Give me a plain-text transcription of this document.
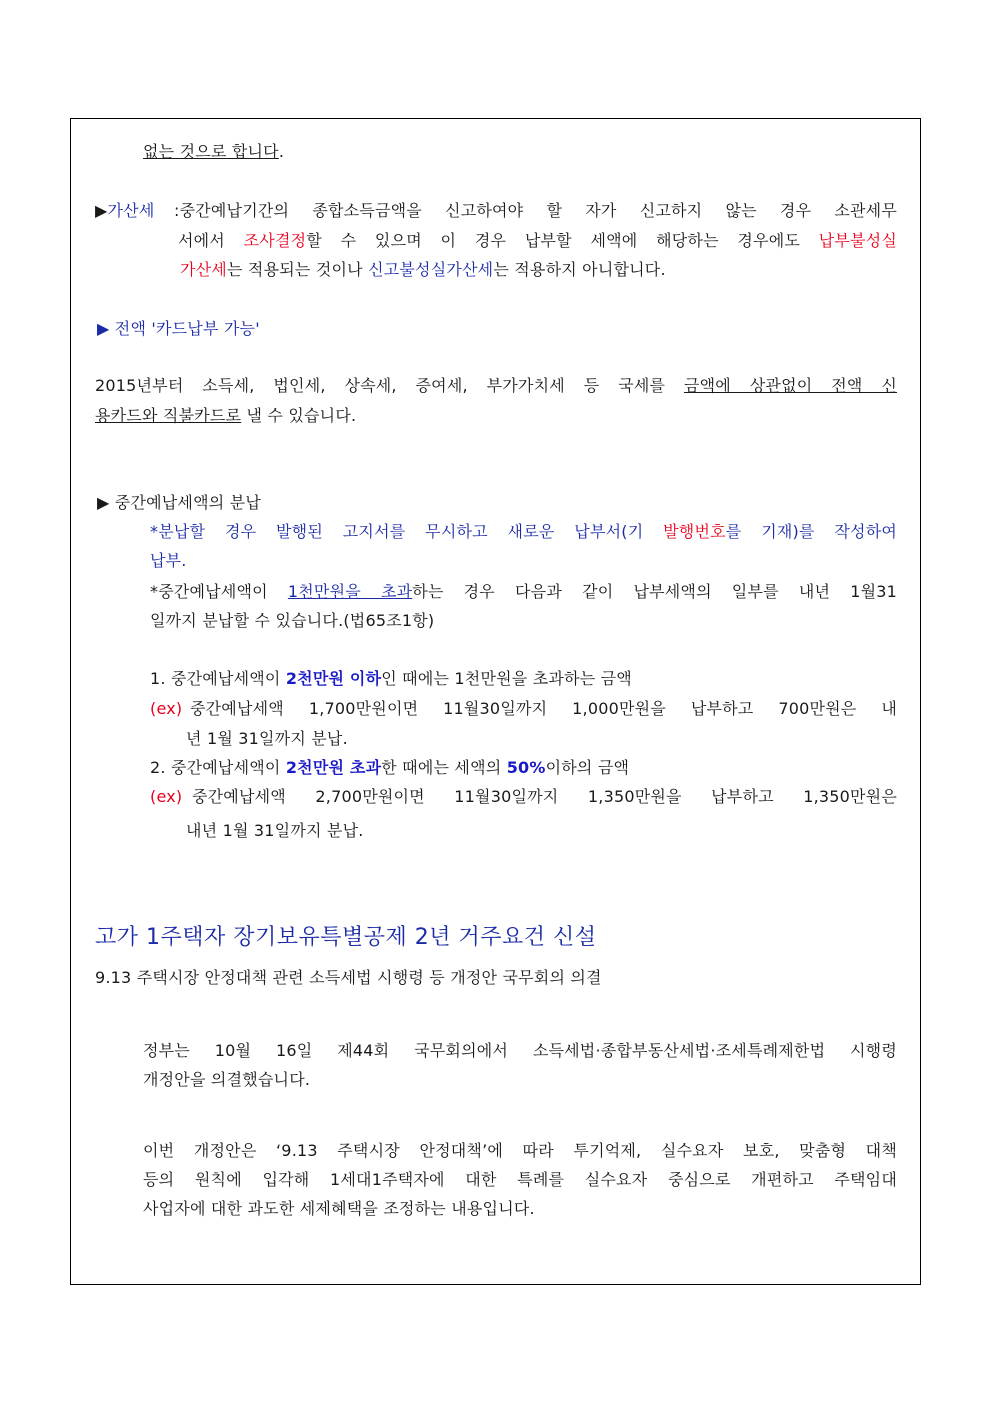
없는 것으로 합니다.
▶가산세	:중간예납기간의 종합소득금액을 신고하여야 할 자가 신고하지 않는 경우 소관세무
서에서 조사결정할 수 있으며 이 경우 납부할 세액에 해당하는 경우에도 납부불성실
가산세는 적용되는 것이나 신고불성실가산세는 적용하지 아니합니다.
▶ 전액 '카드납부 가능'
2015년부터 소득세, 법인세, 상속세, 증여세, 부가가치세 등 국세를 금액에 상관없이 전액 신
용카드와 직불카드로 낼 수 있습니다.
▶ 중간예납세액의 분납
*분납할 경우 발행된 고지서를 무시하고 새로운 납부서(기 발행번호를 기재)를 작성하여
납부.
*중간예납세액이 1천만원을 초과하는 경우 다음과 같이 납부세액의 일부를 내년 1월31
일까지 분납할 수 있습니다.(법65조1항)
1. 중간예납세액이 2천만원 이하인 때에는 1천만원을 초과하는 금액
(ex) 중간예납세액 1,700만원이면 11월30일까지 1,000만원을 납부하고 700만원은 내
년 1월 31일까지 분납.
2. 중간예납세액이 2천만원 초과한 때에는 세액의 50%이하의 금액
(ex) 중간예납세액 2,700만원이면 11월30일까지 1,350만원을 납부하고 1,350만원은
내년 1월 31일까지 분납.
고가 1주택자 장기보유특별공제 2년 거주요건 신설
9.13 주택시장 안정대책 관련 소득세법 시행령 등 개정안 국무회의 의결
정부는 10월 16일 제44회 국무회의에서 소득세법·종합부동산세법·조세특례제한법 시행령
개정안을 의결했습니다.
이번 개정안은 ‘9.13 주택시장 안정대책’에 따라 투기억제, 실수요자 보호, 맞춤형 대책
등의 원칙에 입각해 1세대1주택자에 대한 특례를 실수요자 중심으로 개편하고 주택임대
사업자에 대한 과도한 세제혜택을 조정하는 내용입니다.
